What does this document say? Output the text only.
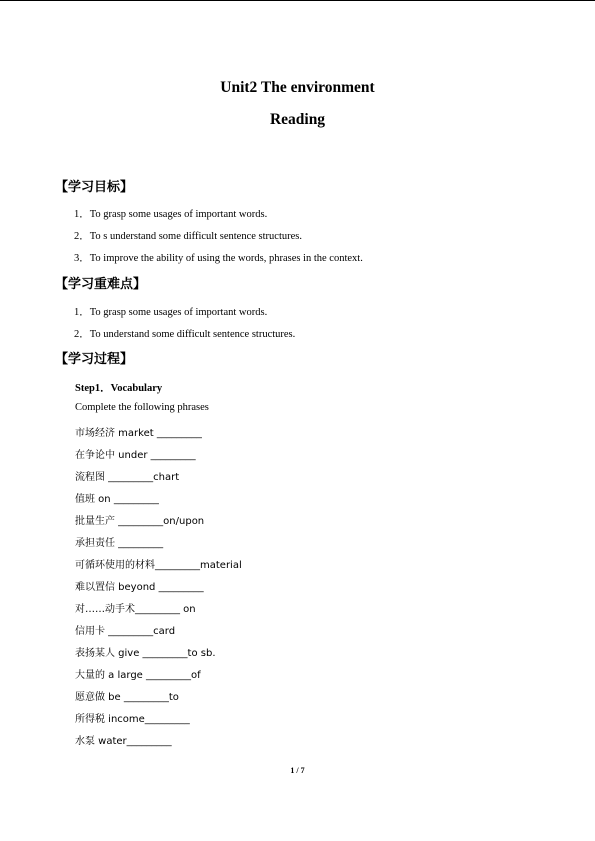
Unit2 The environment
Reading
【学习目标】
1．To grasp some usages of important words.
2．To s understand some difficult sentence structures.
3．To improve the ability of using the words, phrases in the context.
【学习重难点】
1．To grasp some usages of important words.
2．To understand some difficult sentence structures.
【学习过程】
Step1．Vocabulary
Complete the following phrases
市场经济 market _________
在争论中 under _________
流程图 _________chart
值班 on _________
批量生产 _________on/upon
承担责任 _________
可循环使用的材料_________material
难以置信 beyond _________
对……动手术_________ on
信用卡 _________card
表扬某人 give _________to sb.
大量的 a large _________of
愿意做 be _________to
所得税 income_________
水泵 water_________
1 / 7
